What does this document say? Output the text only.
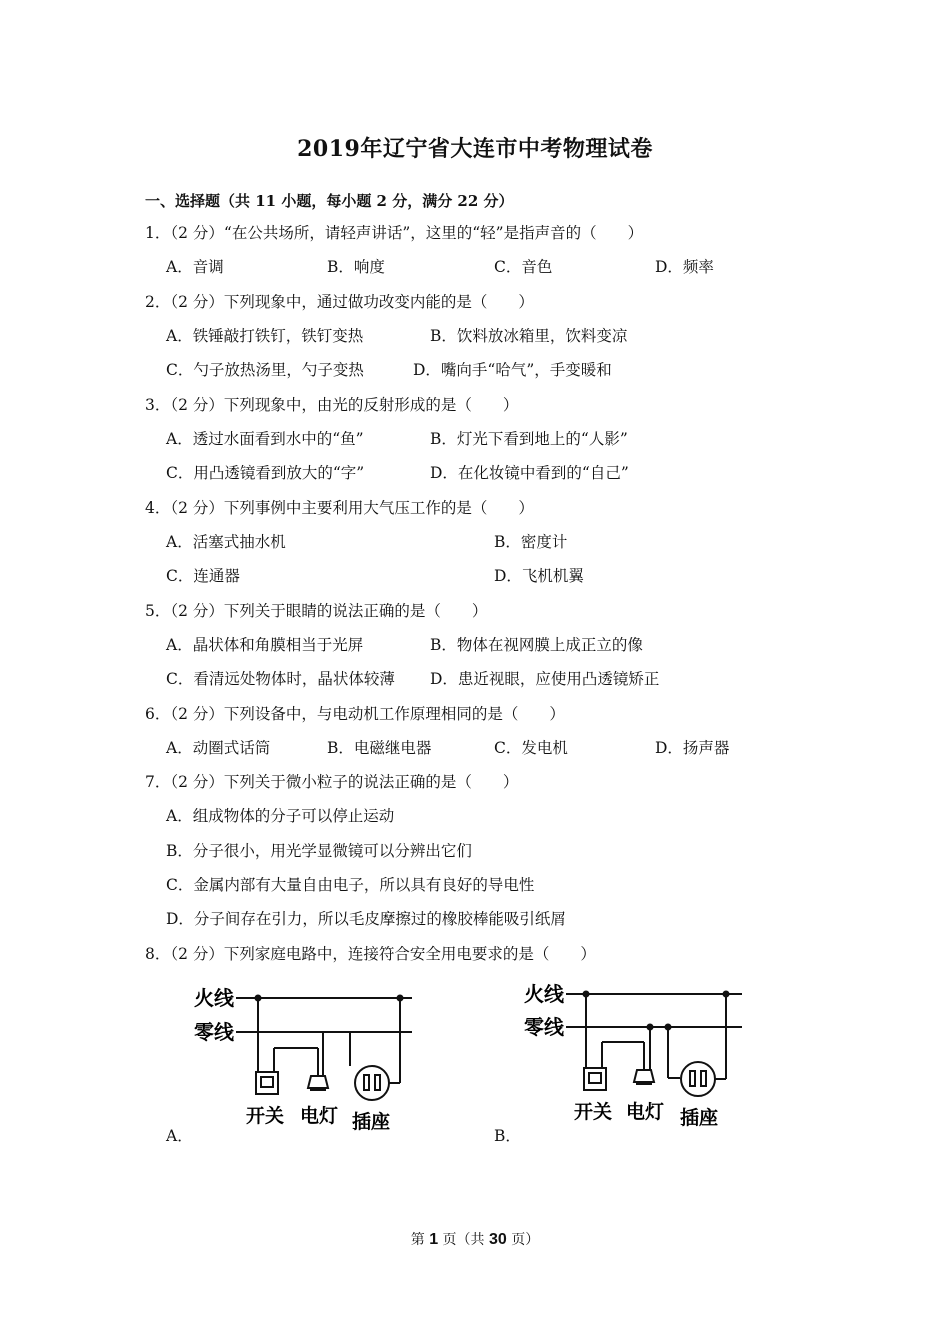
2019年辽宁省大连市中考物理试卷
一、选择题（共 11 小题，每小题 2 分，满分 22 分）
1．（2 分）“在公共场所，请轻声讲话”，这里的“轻”是指声音的（　　）
A．音调	B．响度	C．音色	D．频率
2．（2 分）下列现象中，通过做功改变内能的是（　　）
A．铁锤敲打铁钉，铁钉变热	B．饮料放冰箱里，饮料变凉
C．勺子放热汤里，勺子变热	D．嘴向手“哈气”，手变暖和
3．（2 分）下列现象中，由光的反射形成的是（　　）
A．透过水面看到水中的“鱼”	B．灯光下看到地上的“人影”
C．用凸透镜看到放大的“字”	D．在化妆镜中看到的“自己”
4．（2 分）下列事例中主要利用大气压工作的是（　　）
A．活塞式抽水机	B．密度计
C．连通器	D．飞机机翼
5．（2 分）下列关于眼睛的说法正确的是（　　）
A．晶状体和角膜相当于光屏	B．物体在视网膜上成正立的像
C．看清远处物体时，晶状体较薄 D．患近视眼，应使用凸透镜矫正
6．（2 分）下列设备中，与电动机工作原理相同的是（　　）
A．动圈式话筒	B．电磁继电器	C．发电机	D．扬声器
7．（2 分）下列关于微小粒子的说法正确的是（　　）
A．组成物体的分子可以停止运动
B．分子很小，用光学显微镜可以分辨出它们
C．金属内部有大量自由电子，所以具有良好的导电性
D．分子间存在引力，所以毛皮摩擦过的橡胶棒能吸引纸屑
8．（2 分）下列家庭电路中，连接符合安全用电要求的是（　　）
火线
零线
开关 电灯 插座
A．
火线
零线
开关 电灯 插座
B．
第 1 页（共 30 页）
